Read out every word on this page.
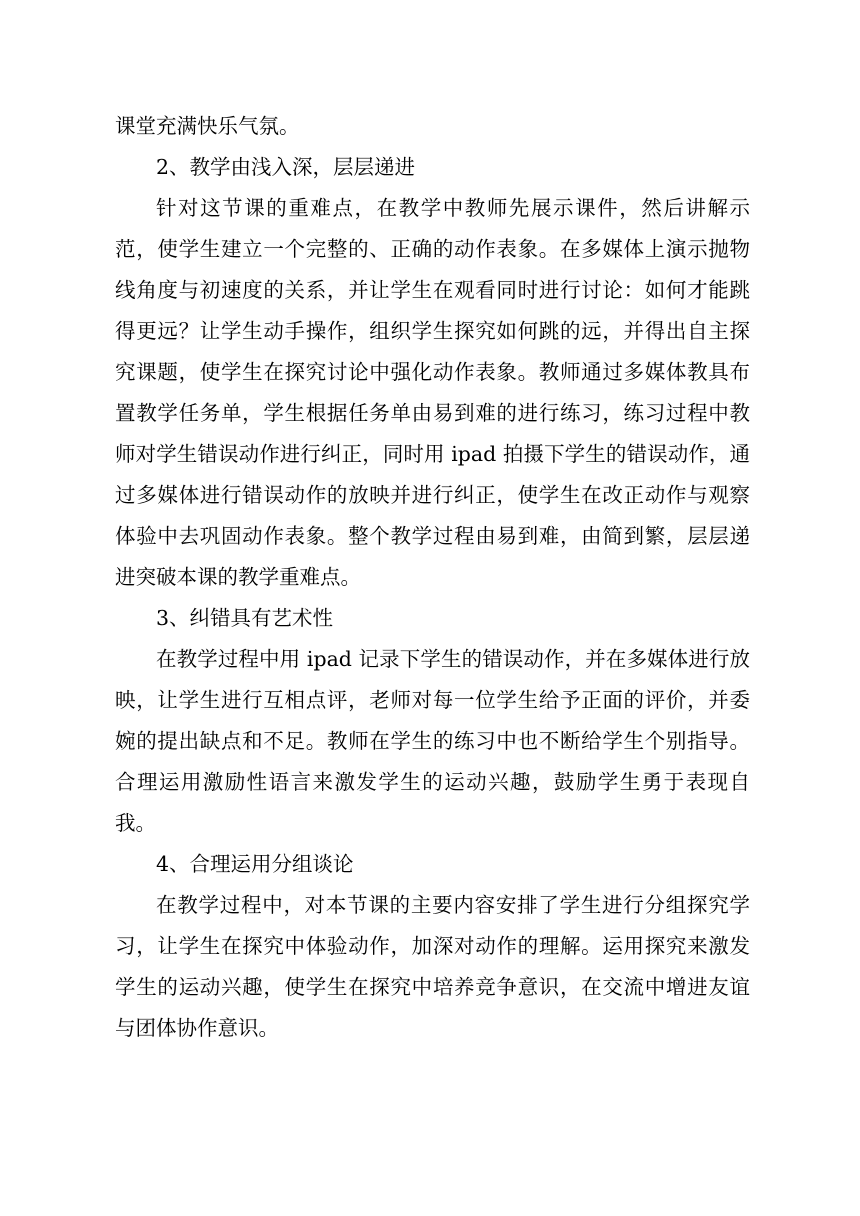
课堂充满快乐气氛。

2、教学由浅入深，层层递进

针对这节课的重难点，在教学中教师先展示课件，然后讲解示范，使学生建立一个完整的、正确的动作表象。在多媒体上演示抛物线角度与初速度的关系，并让学生在观看同时进行讨论：如何才能跳得更远？让学生动手操作，组织学生探究如何跳的远，并得出自主探究课题，使学生在探究讨论中强化动作表象。教师通过多媒体教具布置教学任务单，学生根据任务单由易到难的进行练习，练习过程中教师对学生错误动作进行纠正，同时用 ipad 拍摄下学生的错误动作，通过多媒体进行错误动作的放映并进行纠正，使学生在改正动作与观察体验中去巩固动作表象。整个教学过程由易到难，由简到繁，层层递进突破本课的教学重难点。

3、纠错具有艺术性

在教学过程中用 ipad 记录下学生的错误动作，并在多媒体进行放映，让学生进行互相点评，老师对每一位学生给予正面的评价，并委婉的提出缺点和不足。教师在学生的练习中也不断给学生个别指导。合理运用激励性语言来激发学生的运动兴趣，鼓励学生勇于表现自我。

4、合理运用分组谈论

在教学过程中，对本节课的主要内容安排了学生进行分组探究学习，让学生在探究中体验动作，加深对动作的理解。运用探究来激发学生的运动兴趣，使学生在探究中培养竞争意识，在交流中增进友谊与团体协作意识。
